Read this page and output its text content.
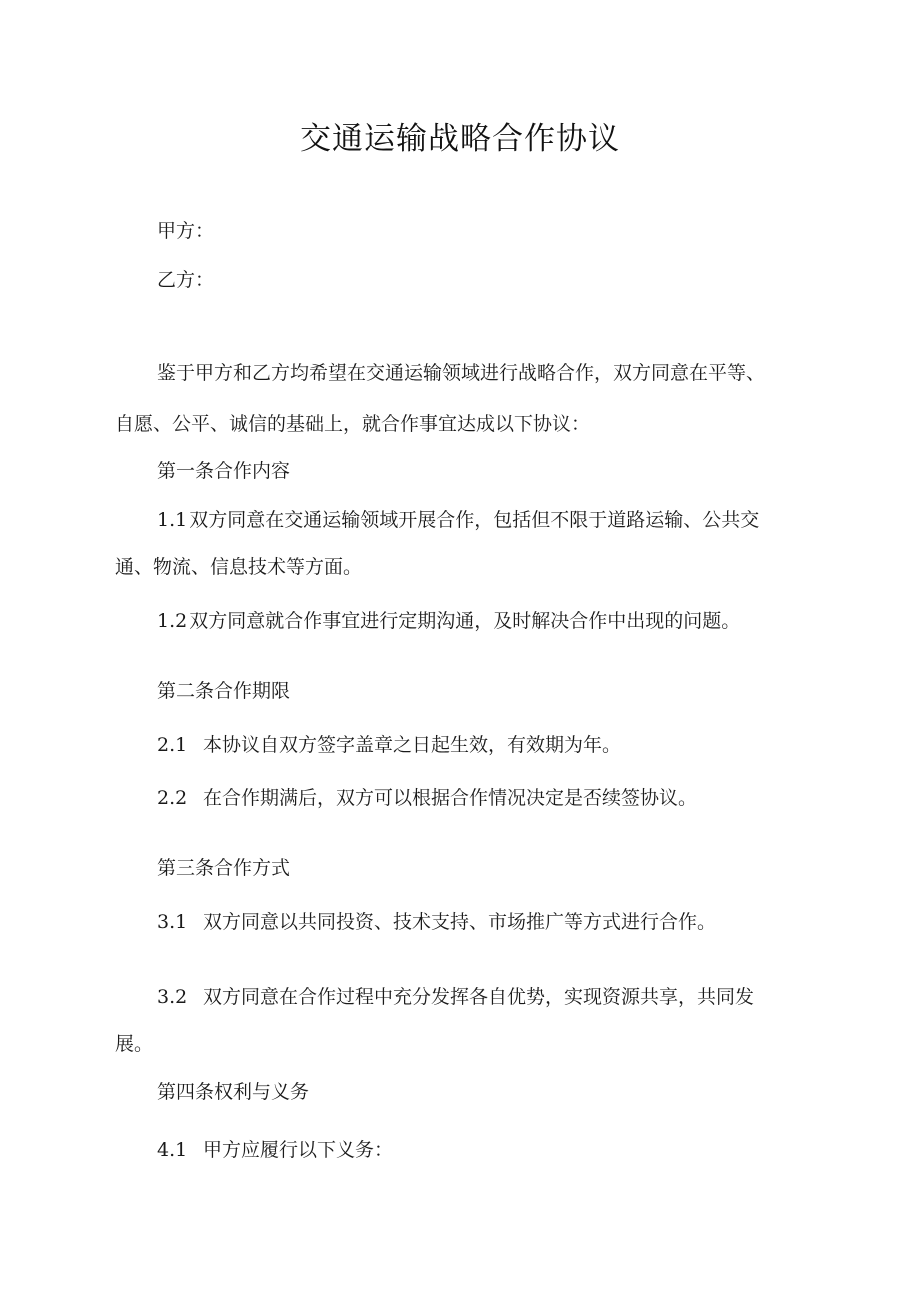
交通运输战略合作协议
甲方：
乙方：
鉴于甲方和乙方均希望在交通运输领域进行战略合作，双方同意在平等、
自愿、公平、诚信的基础上，就合作事宜达成以下协议：
第一条合作内容
1.1 双方同意在交通运输领域开展合作，包括但不限于道路运输、公共交
通、物流、信息技术等方面。
1.2 双方同意就合作事宜进行定期沟通，及时解决合作中出现的问题。
第二条合作期限
2.1 本协议自双方签字盖章之日起生效，有效期为年。
2.2 在合作期满后，双方可以根据合作情况决定是否续签协议。
第三条合作方式
3.1 双方同意以共同投资、技术支持、市场推广等方式进行合作。
3.2 双方同意在合作过程中充分发挥各自优势，实现资源共享，共同发
展。
第四条权利与义务
4.1 甲方应履行以下义务：
